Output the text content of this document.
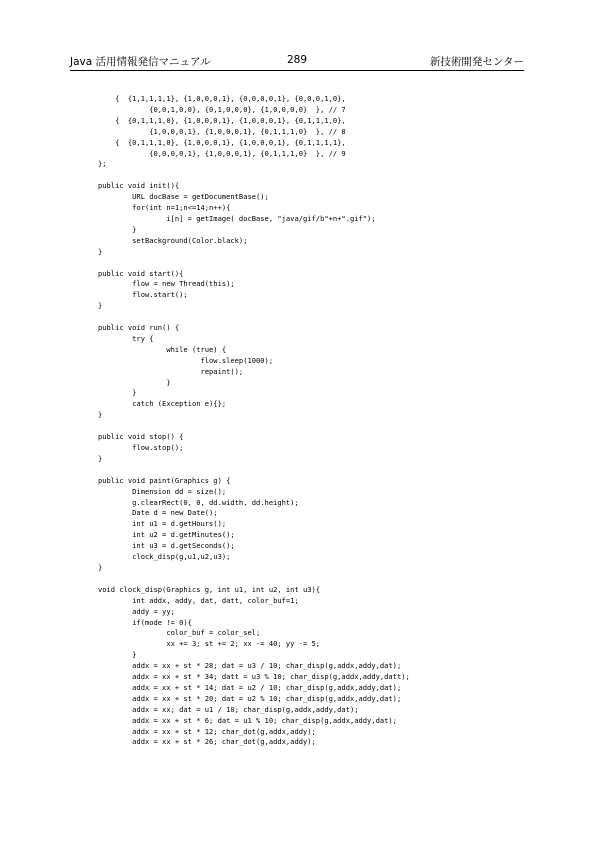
Java 活用情報発信マニュアル	289	新技術開発センター
{  {1,1,1,1,1}, {1,0,0,0,1}, {0,0,0,0,1}, {0,0,0,1,0},
{0,0,1,0,0}, {0,1,0,0,0}, {1,0,0,0,0}  }, // 7
{  {0,1,1,1,0}, {1,0,0,0,1}, {1,0,0,0,1}, {0,1,1,1,0},
{1,0,0,0,1}, {1,0,0,0,1}, {0,1,1,1,0}  }, // 8
{  {0,1,1,1,0}, {1,0,0,0,1}, {1,0,0,0,1}, {0,1,1,1,1},
{0,0,0,0,1}, {1,0,0,0,1}, {0,1,1,1,0}  }, // 9
};

public void init(){
URL docBase = getDocumentBase();
for(int n=1;n<=14;n++){
i[n] = getImage( docBase, "java/gif/b"+n+".gif");
}
setBackground(Color.black);
}

public void start(){
flow = new Thread(this);
flow.start();
}

public void run() {
try {
while (true) {
flow.sleep(1000);
repaint();
}
}
catch (Exception e){};
}

public void stop() {
flow.stop();
}

public void paint(Graphics g) {
Dimension dd = size();
g.clearRect(0, 0, dd.width, dd.height);
Date d = new Date();
int u1 = d.getHours();
int u2 = d.getMinutes();
int u3 = d.getSeconds();
clock_disp(g,u1,u2,u3);
}

void clock_disp(Graphics g, int u1, int u2, int u3){
int addx, addy, dat, datt, color_buf=1;
addy = yy;
if(mode != 0){
color_buf = color_sel;
xx += 3; st += 2; xx -= 40; yy -= 5;
}
addx = xx + st * 28; dat = u3 / 10; char_disp(g,addx,addy,dat);
addx = xx + st * 34; datt = u3 % 10; char_disp(g,addx,addy,datt);
addx = xx + st * 14; dat = u2 / 10; char_disp(g,addx,addy,dat);
addx = xx + st * 20; dat = u2 % 10; char_disp(g,addx,addy,dat);
addx = xx; dat = u1 / 10; char_disp(g,addx,addy,dat);
addx = xx + st * 6; dat = u1 % 10; char_disp(g,addx,addy,dat);
addx = xx + st * 12; char_dot(g,addx,addy);
addx = xx + st * 26; char_dot(g,addx,addy);
